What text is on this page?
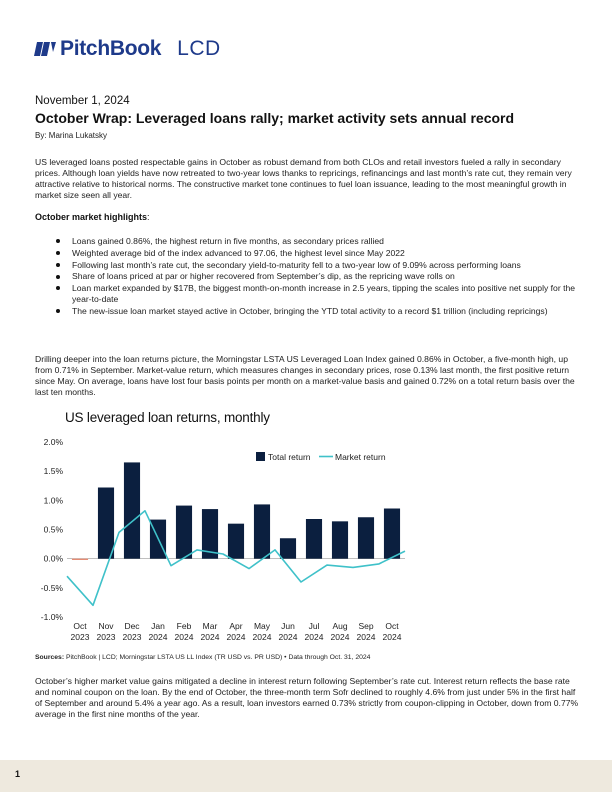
PitchBook LCD
November 1, 2024
October Wrap: Leveraged loans rally; market activity sets annual record
By: Marina Lukatsky

US leveraged loans posted respectable gains in October as robust demand from both CLOs and retail investors fueled a rally in secondary prices. Although loan yields have now retreated to two-year lows thanks to repricings, refinancings and last month’s rate cut, they remain very attractive relative to historical norms. The constructive market tone continues to fuel loan issuance, leading to the most meaningful growth in market size seen all year.

October market highlights:
Loans gained 0.86%, the highest return in five months, as secondary prices rallied
Weighted average bid of the index advanced to 97.06, the highest level since May 2022
Following last month’s rate cut, the secondary yield-to-maturity fell to a two-year low of 9.09% across performing loans
Share of loans priced at par or higher recovered from September’s dip, as the repricing wave rolls on
Loan market expanded by $17B, the biggest month-on-month increase in 2.5 years, tipping the scales into positive net supply for the year-to-date
The new-issue loan market stayed active in October, bringing the YTD total activity to a record $1 trillion (including repricings)

Drilling deeper into the loan returns picture, the Morningstar LSTA US Leveraged Loan Index gained 0.86% in October, a five-month high, up from 0.71% in September. Market-value return, which measures changes in secondary prices, rose 0.13% last month, the first positive return since May. On average, loans have lost four basis points per month on a market-value basis and gained 0.72% on a total return basis over the last ten months.

US leveraged loan returns, monthly
-1.0%
-0.5%
0.0%
0.5%
1.0%
1.5%
2.0%
Oct
2023
Nov
2023
Dec
2023
Jan
2024
Feb
2024
Mar
2024
Apr
2024
May
2024
Jun
2024
Jul
2024
Aug
2024
Sep
2024
Oct
2024
Total return	Market return
Sources: PitchBook | LCD; Morningstar LSTA US LL Index (TR USD vs. PR USD) • Data through Oct. 31, 2024

October’s higher market value gains mitigated a decline in interest return following September’s rate cut. Interest return reflects the base rate and nominal coupon on the loan. By the end of October, the three-month term Sofr declined to roughly 4.6% from just under 5% in the first half of September and around 5.4% a year ago. As a result, loan investors earned 0.73% strictly from coupon-clipping in October, down from 0.77% average in the first nine months of the year.

1
